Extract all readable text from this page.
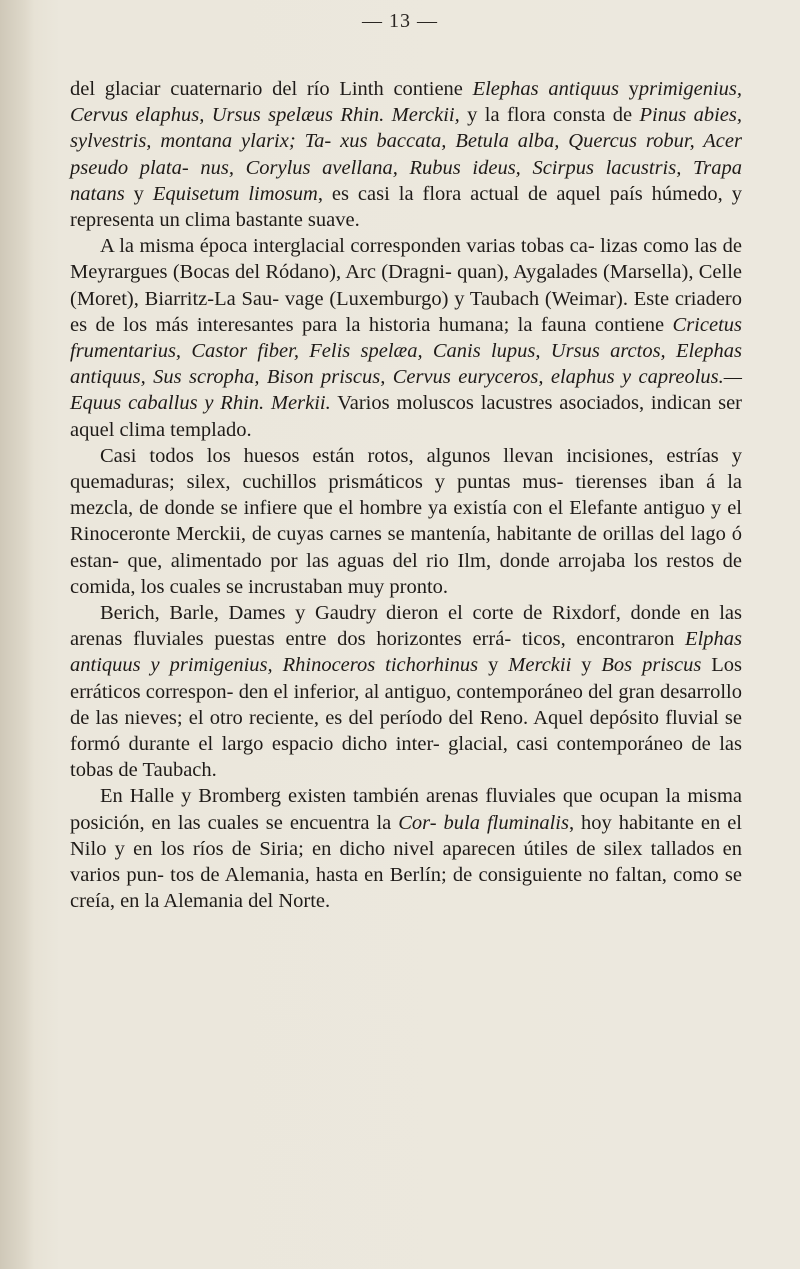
— 13 —

del glaciar cuaternario del río Linth contiene Elephas antiquus yprimigenius, Cervus elaphus, Ursus spelæus Rhin. Merckii, y la flora consta de Pinus abies, sylvestris, montana ylarix; Ta- xus baccata, Betula alba, Quercus robur, Acer pseudo plata- nus, Corylus avellana, Rubus ideus, Scirpus lacustris, Trapa natans y Equisetum limosum, es casi la flora actual de aquel país húmedo, y representa un clima bastante suave.

A la misma época interglacial corresponden varias tobas ca- lizas como las de Meyrargues (Bocas del Ródano), Arc (Dragni- quan), Aygalades (Marsella), Celle (Moret), Biarritz-La Sau- vage (Luxemburgo) y Taubach (Weimar). Este criadero es de los más interesantes para la historia humana; la fauna contiene Cricetus frumentarius, Castor fiber, Felis spelæa, Canis lupus, Ursus arctos, Elephas antiquus, Sus scropha, Bison priscus, Cervus euryceros, elaphus y capreolus.—Equus caballus y Rhin. Merkii. Varios moluscos lacustres asociados, indican ser aquel clima templado.

Casi todos los huesos están rotos, algunos llevan incisiones, estrías y quemaduras; silex, cuchillos prismáticos y puntas mus- tierenses iban á la mezcla, de donde se infiere que el hombre ya existía con el Elefante antiguo y el Rinoceronte Merckii, de cuyas carnes se mantenía, habitante de orillas del lago ó estan- que, alimentado por las aguas del rio Ilm, donde arrojaba los restos de comida, los cuales se incrustaban muy pronto.

Berich, Barle, Dames y Gaudry dieron el corte de Rixdorf, donde en las arenas fluviales puestas entre dos horizontes errá- ticos, encontraron Elphas antiquus y primigenius, Rhinoceros tichorhinus y Merckii y Bos priscus Los erráticos correspon- den el inferior, al antiguo, contemporáneo del gran desarrollo de las nieves; el otro reciente, es del período del Reno. Aquel depósito fluvial se formó durante el largo espacio dicho inter- glacial, casi contemporáneo de las tobas de Taubach.

En Halle y Bromberg existen también arenas fluviales que ocupan la misma posición, en las cuales se encuentra la Cor- bula fluminalis, hoy habitante en el Nilo y en los ríos de Siria; en dicho nivel aparecen útiles de silex tallados en varios pun- tos de Alemania, hasta en Berlín; de consiguiente no faltan, como se creía, en la Alemania del Norte.
